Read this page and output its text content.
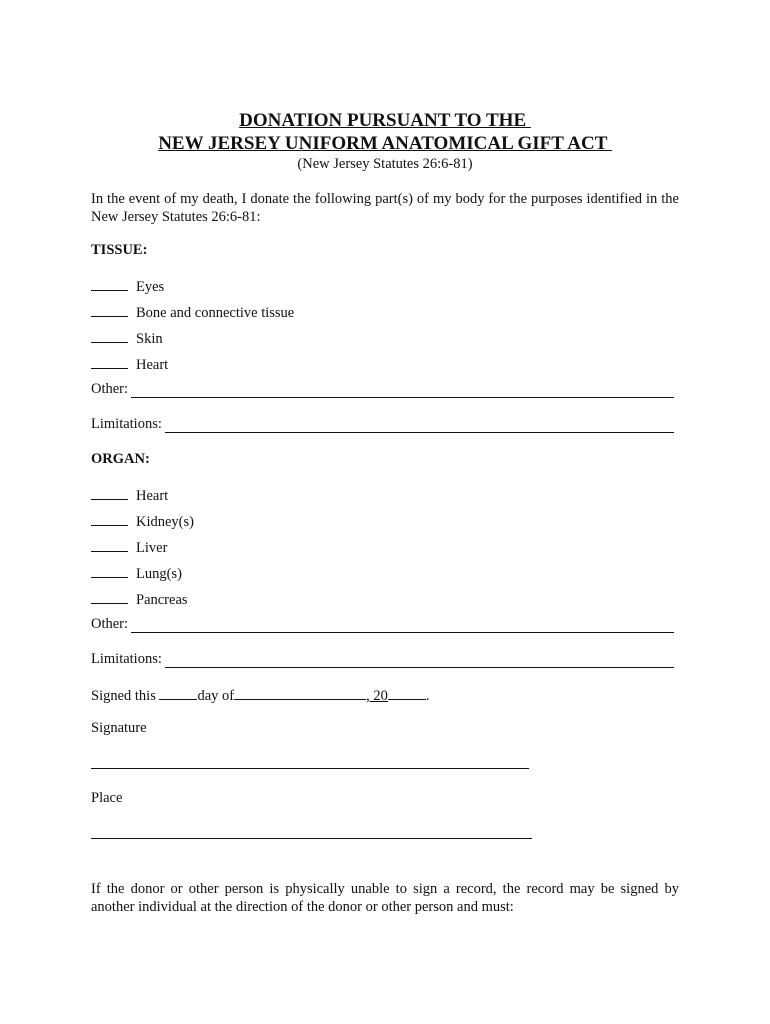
DONATION PURSUANT TO THE
NEW JERSEY UNIFORM ANATOMICAL GIFT ACT
(New Jersey Statutes 26:6-81)
In the event of my death, I donate the following part(s) of my body for the purposes identified in the New Jersey Statutes 26:6-81:
TISSUE:
Eyes
Bone and connective tissue
Skin
Heart
Other:
Limitations:
ORGAN:
Heart
Kidney(s)
Liver
Lung(s)
Pancreas
Other:
Limitations:
Signed this	day of	, 20	.
Signature
Place
If the donor or other person is physically unable to sign a record, the record may be signed by another individual at the direction of the donor or other person and must:
